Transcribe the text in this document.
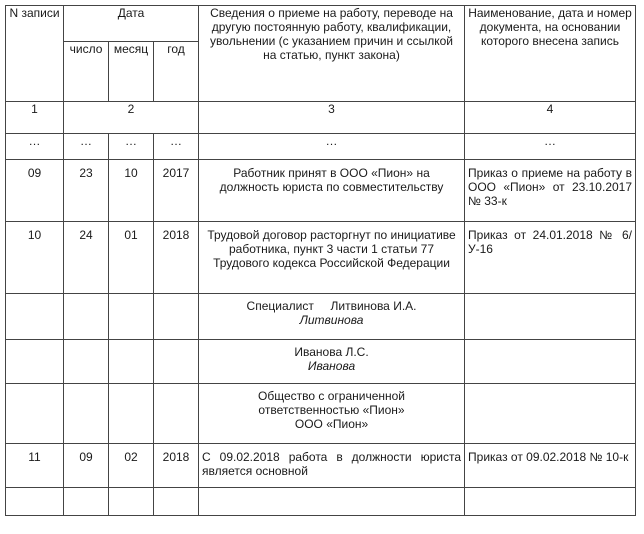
N записи	Дата			Сведения о приеме на работу, переводе на другую постоянную работу, квалификации, увольнении (с указанием причин и ссылкой на статью, пункт закона)	Наименование, дата и номер документа, на основании которого внесена запись
	число	месяц	год		
1	2			3	4
…	…	…	…	…	…
09	23	10	2017	Работник принят в ООО «Пион» на должность юриста по совместительству	Приказ о приеме на работу в ООО «Пион» от 23.10.2017 № 33-к
10	24	01	2018	Трудовой договор расторгнут по инициативе работника, пункт 3 части 1 статьи 77 Трудового кодекса Российской Федерации	Приказ от 24.01.2018 № 6/У-16

				Специалист     Литвинова И.А.
Литвинова	

				Иванова Л.С.
Иванова	

				Общество с ограниченной
ответственностью «Пион»
ООО «Пион»	

11	09	02	2018	С 09.02.2018 работа в должности юриста является основной	Приказ от 09.02.2018 № 10-к
